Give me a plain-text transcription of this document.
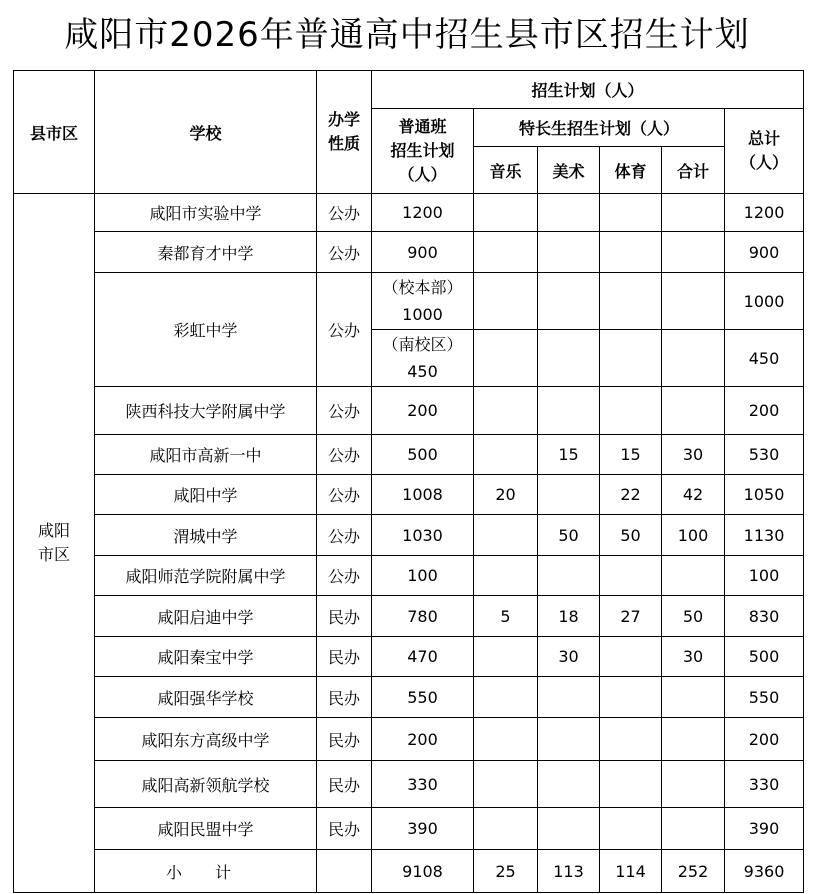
咸阳市2026年普通高中招生县市区招生计划
县市区	学校	办学
性质	招生计划（人）					

			普通班
招生计划
（人）	特长生招生计划（人）				总计
（人）

				音乐	美术	体育	合计	

咸阳
市区	咸阳市实验中学	公办	1200					1200
	秦都育才中学	公办	900					900
	彩虹中学	公办	（校本部）
1000					1000

			（南校区）
450					450
	陕西科技大学附属中学	公办	200					200
	咸阳市高新一中	公办	500		15	15	30	530
	咸阳中学	公办	1008	20		22	42	1050
	渭城中学	公办	1030		50	50	100	1130
	咸阳师范学院附属中学	公办	100					100
	咸阳启迪中学	民办	780	5	18	27	50	830
	咸阳秦宝中学	民办	470		30		30	500
	咸阳强华学校	民办	550					550
	咸阳东方高级中学	民办	200					200
	咸阳高新领航学校	民办	330					330
	咸阳民盟中学	民办	390					390
	小 计		9108	25	113	114	252	9360
